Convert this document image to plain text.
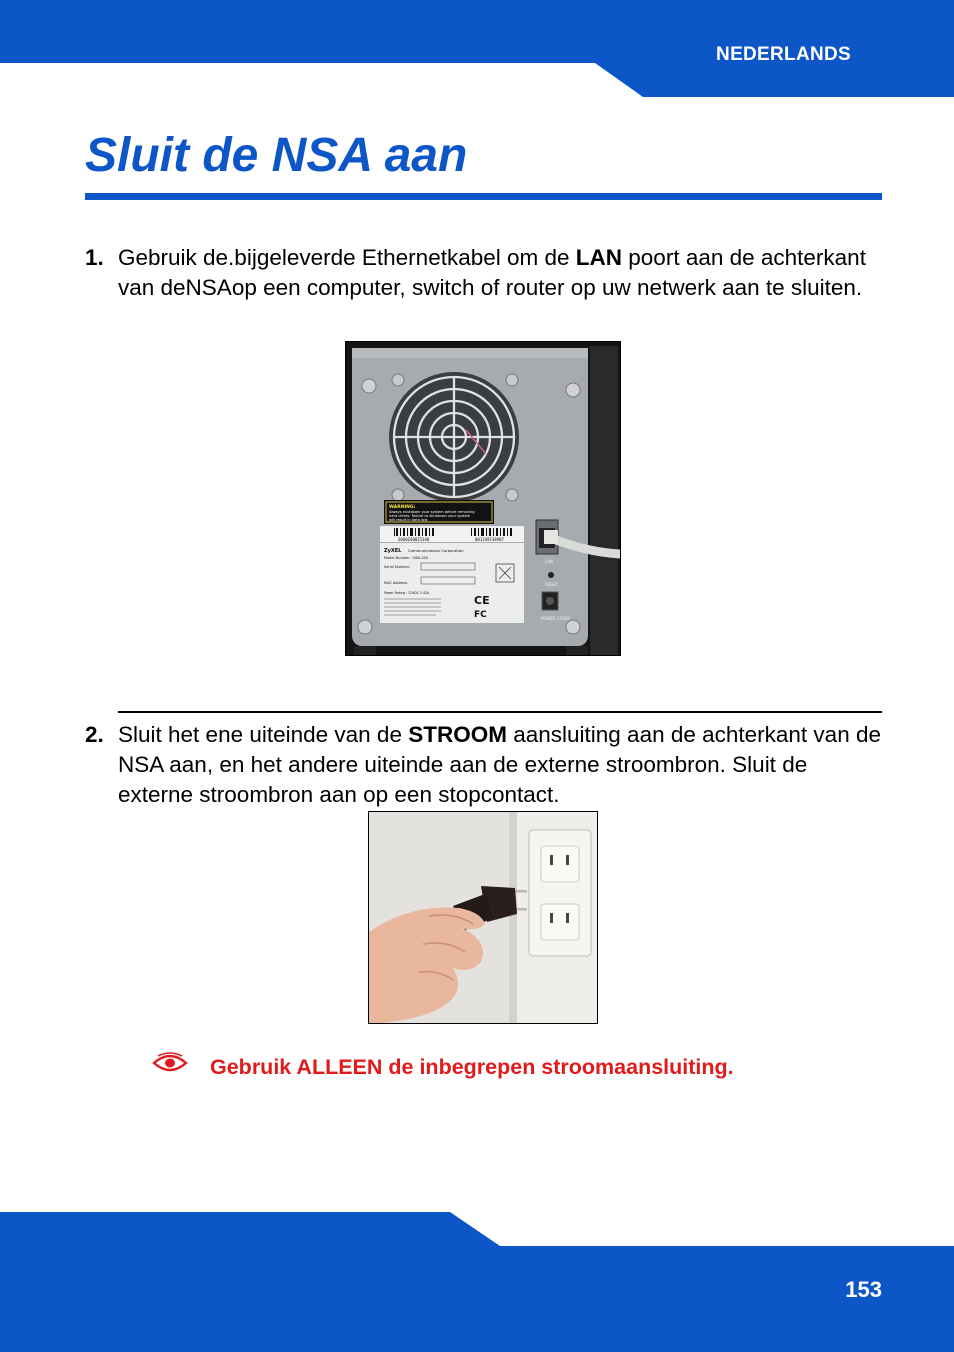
NEDERLANDS
Sluit de NSA aan
1. Gebruik de.bijgeleverde Ethernetkabel om de LAN poort aan de achterkant van deNSAop een computer, switch of router op uw netwerk aan te sluiten.
WARNING:
Always shutdown your system before removing
hard drives. Failure to shutdown your system
will result in data lost
S060Z40015348	001349F38907
ZyXEL Communications Corporation
Model Number : NSA-220
Serial Number:
MAC Address:
Power Rating : 12VDC 3.42A
CE
FC
LAN
RESET
POWER 12VDC
2. Sluit het ene uiteinde van de STROOM aansluiting aan de achterkant van de NSA aan, en het andere uiteinde aan de externe stroombron. Sluit de externe stroombron aan op een stopcontact.
Gebruik ALLEEN de inbegrepen stroomaansluiting.
153
